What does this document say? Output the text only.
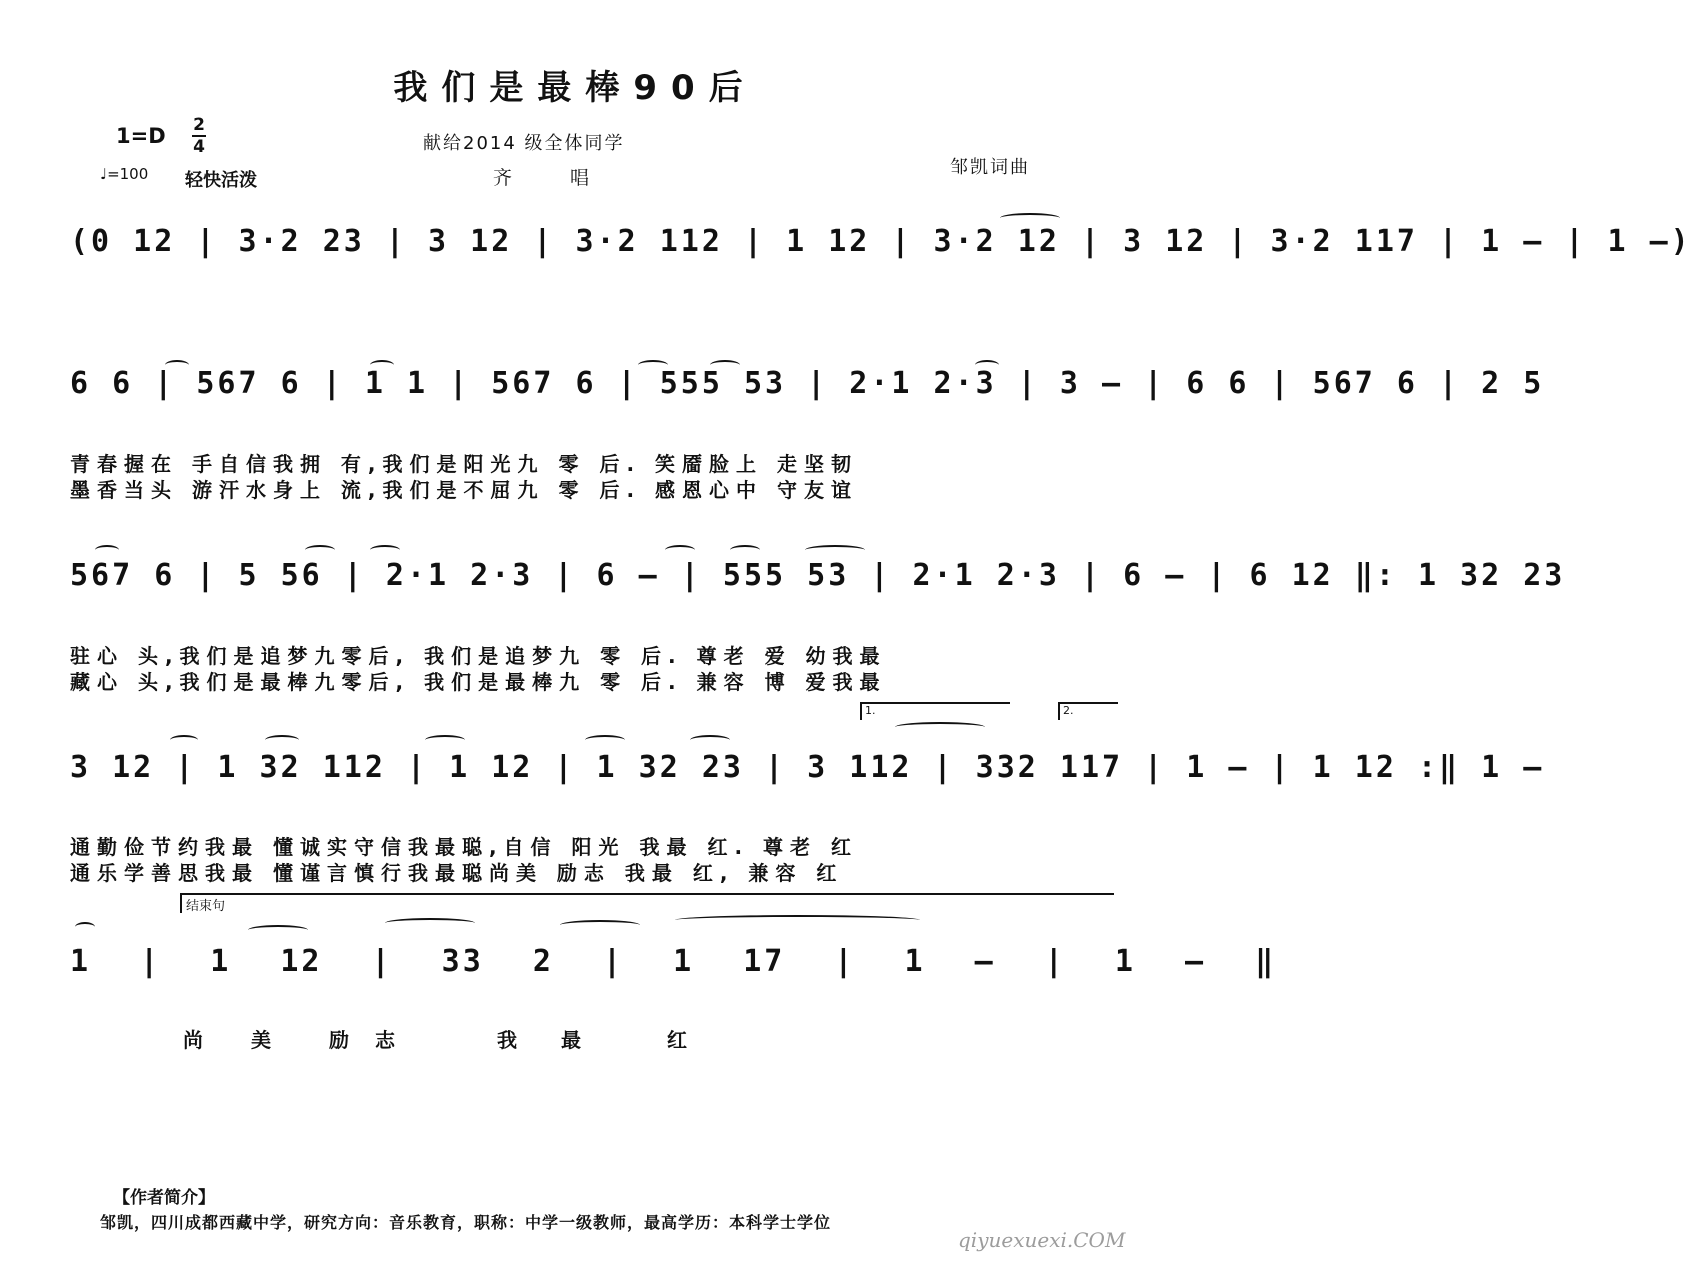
我们是最棒90后
1=D 2
4
♩=100 轻快活泼
献给2014 级全体同学
齐唱	邹凯词曲
(0 12 | 3·2 23 | 3 12 | 3·2 112 | 1 12 | 3·2 12 | 3 12 | 3·2 117 | 1 – | 1 –)
6 6 | 567 6 | 1 1 | 567 6 | 555 53 | 2·1 2·3 | 3 – | 6 6 | 567 6 | 2 5
青春握在 手自信我拥 有,我们是阳光九 零 后. 笑靥脸上 走坚韧
墨香当头 游汗水身上 流,我们是不屈九 零 后. 感恩心中 守友谊
567 6 | 5 56 | 2·1 2·3 | 6 – | 555 53 | 2·1 2·3 | 6 – | 6 12 ‖: 1 32 23
驻心 头,我们是追梦九零后, 我们是追梦九 零 后. 尊老 爱 幼我最
藏心 头,我们是最棒九零后, 我们是最棒九 零 后. 兼容 博 爱我最
1.	2.
3 12 | 1 32 112 | 1 12 | 1 32 23 | 3 112 | 332 117 | 1 – | 1 12 :‖ 1 –
通勤俭节约我最 懂诚实守信我最聪,自信 阳光 我最 红. 尊老 红
通乐学善思我最 懂谨言慎行我最聪尚美 励志 我最 红, 兼容 红
结束句
1 | 1 12 | 33 2 | 1 17 | 1 – | 1 – ‖
尚 美	励 志	我 最	红
【作者简介】
邹凯，四川成都西藏中学，研究方向：音乐教育，职称：中学一级教师，最高学历：本科学士学位
qiyuexuexi.COM
